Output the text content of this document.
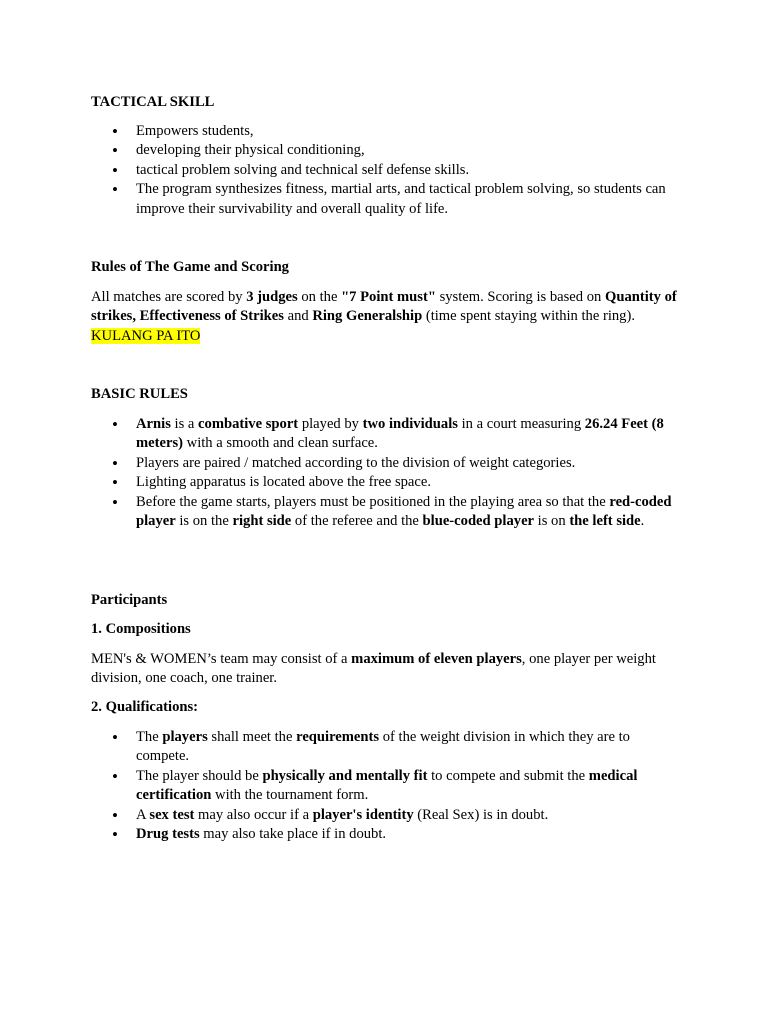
TACTICAL SKILL

• Empowers students,
• developing their physical conditioning,
• tactical problem solving and technical self defense skills.
• The program synthesizes fitness, martial arts, and tactical problem solving, so students can improve their survivability and overall quality of life.

Rules of The Game and Scoring

All matches are scored by 3 judges on the "7 Point must" system. Scoring is based on Quantity of strikes, Effectiveness of Strikes and Ring Generalship (time spent staying within the ring). KULANG PA ITO

BASIC RULES

• Arnis is a combative sport played by two individuals in a court measuring 26.24 Feet (8 meters) with a smooth and clean surface.
• Players are paired / matched according to the division of weight categories.
• Lighting apparatus is located above the free space.
• Before the game starts, players must be positioned in the playing area so that the red-coded player is on the right side of the referee and the blue-coded player is on the left side.

Participants

1. Compositions

MEN's & WOMEN’s team may consist of a maximum of eleven players, one player per weight division, one coach, one trainer.

2. Qualifications:

• The players shall meet the requirements of the weight division in which they are to compete.
• The player should be physically and mentally fit to compete and submit the medical certification with the tournament form.
• A sex test may also occur if a player's identity (Real Sex) is in doubt.
• Drug tests may also take place if in doubt.
